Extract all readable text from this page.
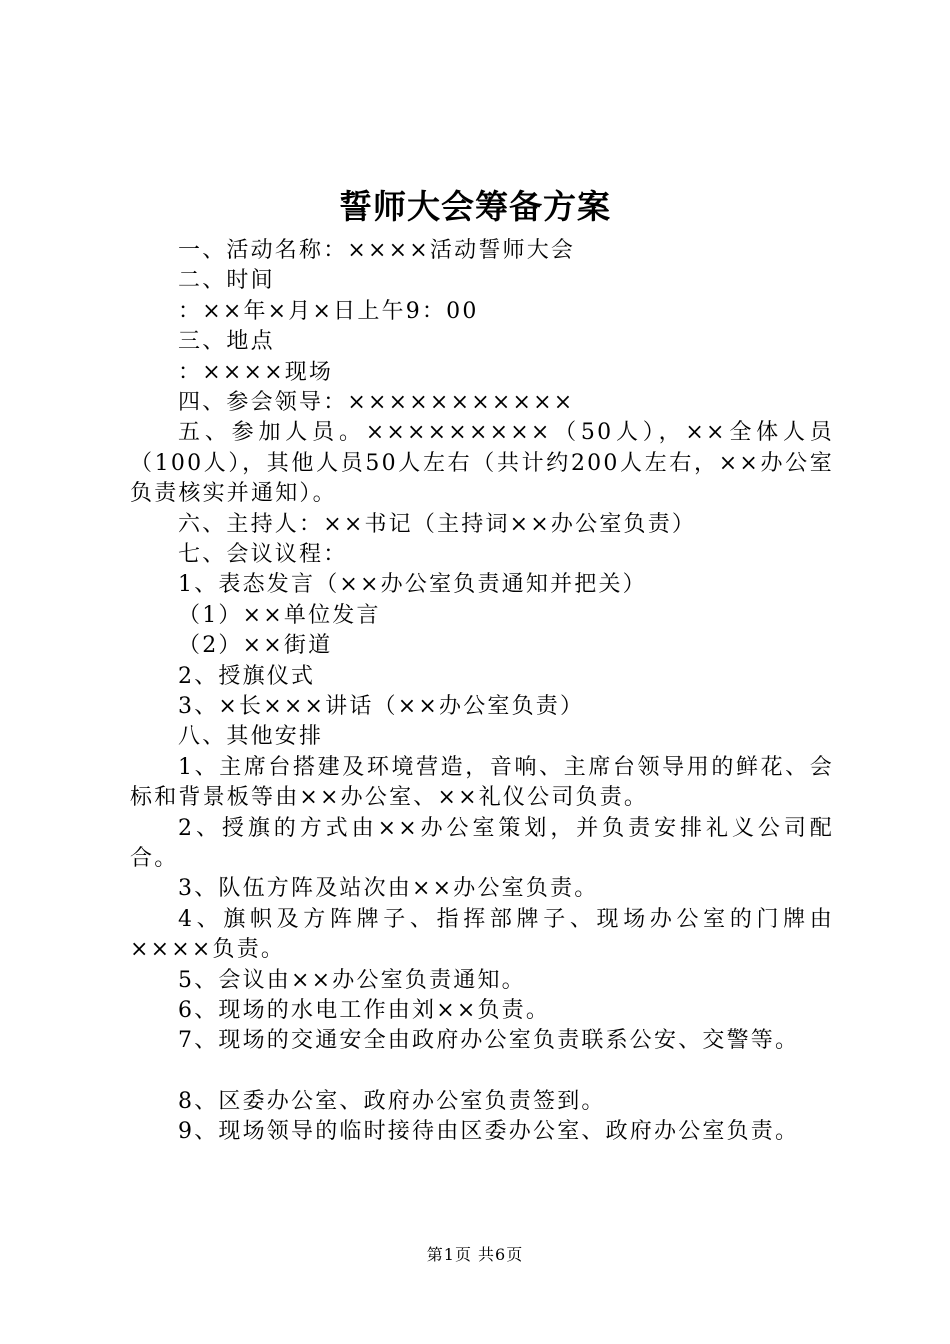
誓师大会筹备方案
一、活动名称：××××活动誓师大会
二、时间
：××年×月×日上午9：00
三、地点
：××××现场
四、参会领导：×××××××××××
五、参加人员。×××××××××（50人），××全体人员（100人），其他人员50人左右（共计约200人左右，××办公室负责核实并通知）。
六、主持人：××书记（主持词××办公室负责）
七、会议议程：
1、表态发言（××办公室负责通知并把关）
（1）××单位发言
（2）××街道
2、授旗仪式
3、×长×××讲话（××办公室负责）
八、其他安排
1、主席台搭建及环境营造，音响、主席台领导用的鲜花、会标和背景板等由××办公室、××礼仪公司负责。
2、授旗的方式由××办公室策划，并负责安排礼义公司配合。
3、队伍方阵及站次由××办公室负责。
4、旗帜及方阵牌子、指挥部牌子、现场办公室的门牌由××××负责。
5、会议由××办公室负责通知。
6、现场的水电工作由刘××负责。
7、现场的交通安全由政府办公室负责联系公安、交警等。
8、区委办公室、政府办公室负责签到。
9、现场领导的临时接待由区委办公室、政府办公室负责。
第1页 共6页
